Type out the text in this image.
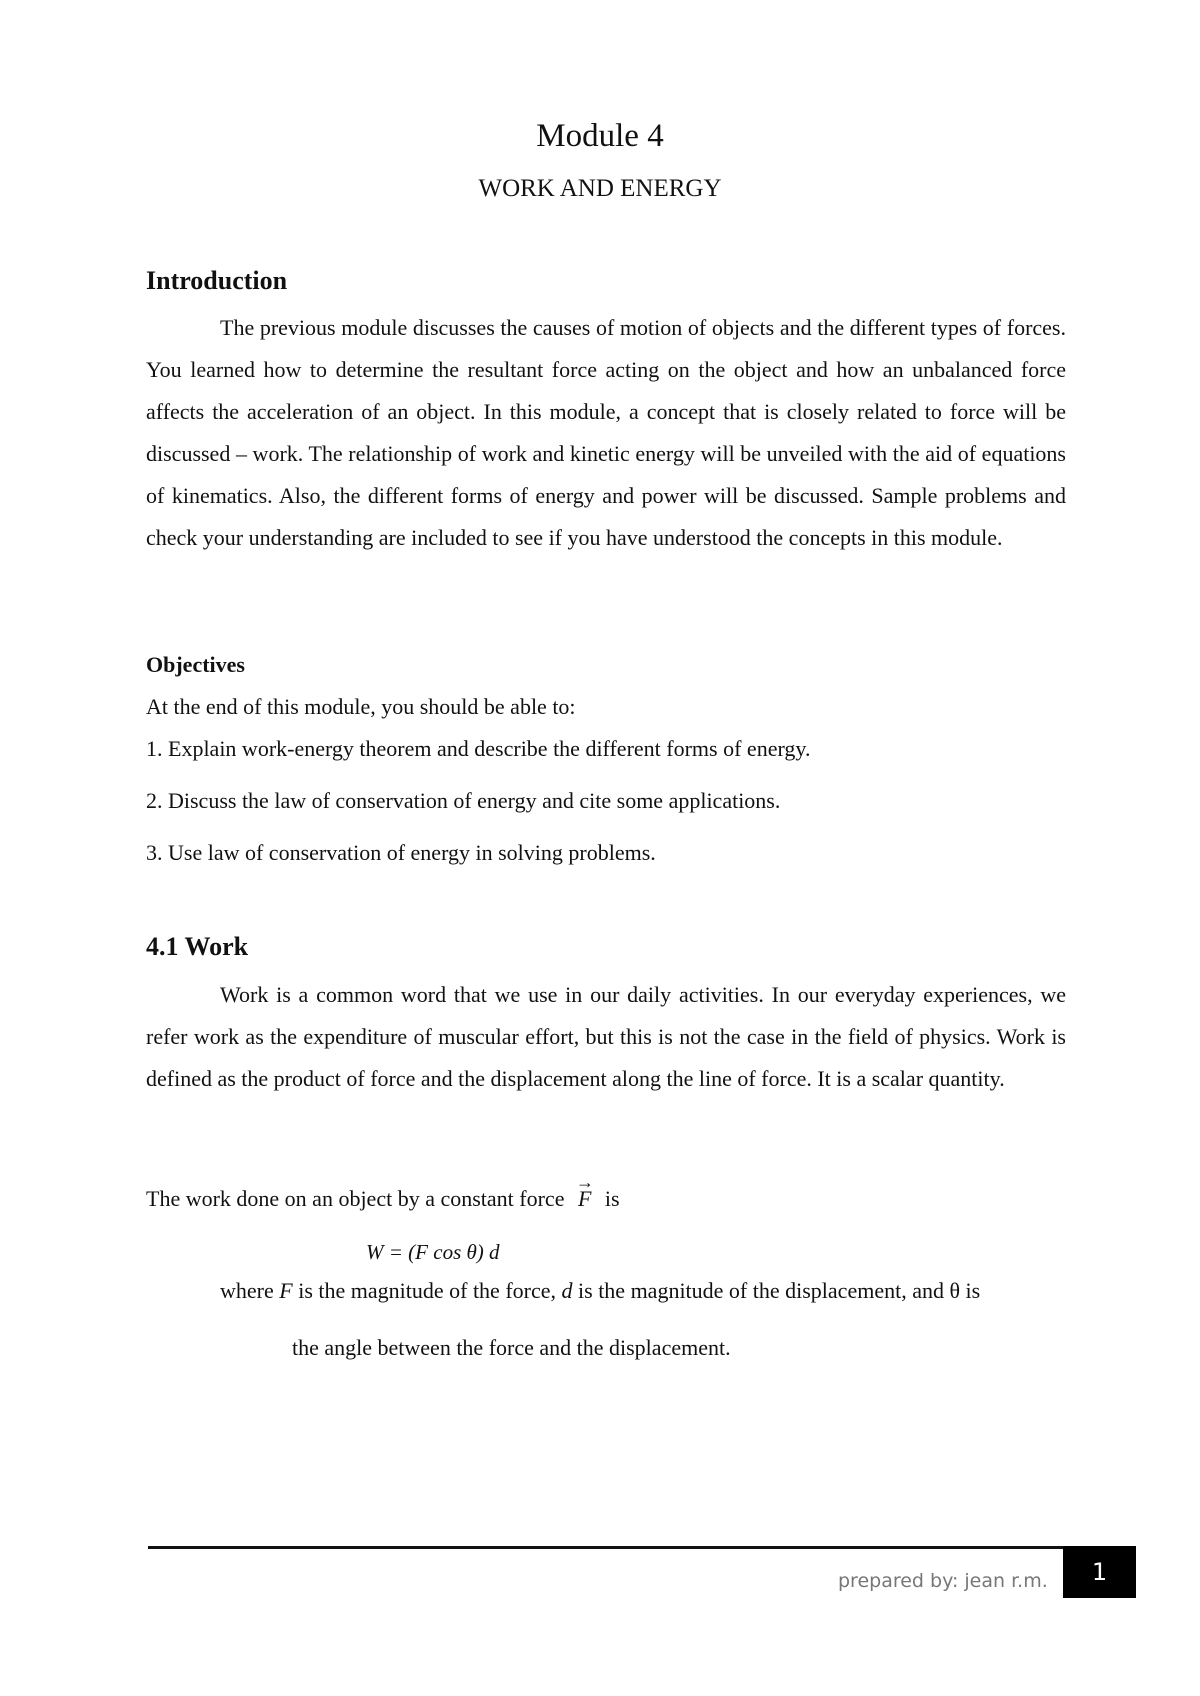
Module 4
WORK AND ENERGY
Introduction
The previous module discusses the causes of motion of objects and the different types of forces. You learned how to determine the resultant force acting on the object and how an unbalanced force affects the acceleration of an object. In this module, a concept that is closely related to force will be discussed – work. The relationship of work and kinetic energy will be unveiled with the aid of equations of kinematics. Also, the different forms of energy and power will be discussed. Sample problems and check your understanding are included to see if you have understood the concepts in this module.
Objectives
At the end of this module, you should be able to:
1. Explain work-energy theorem and describe the different forms of energy.
2. Discuss the law of conservation of energy and cite some applications.
3. Use law of conservation of energy in solving problems.
4.1 Work
Work is a common word that we use in our daily activities. In our everyday experiences, we refer work as the expenditure of muscular effort, but this is not the case in the field of physics. Work is defined as the product of force and the displacement along the line of force. It is a scalar quantity.
The work done on an object by a constant force
→
F is
W = (F cos θ) d
where F is the magnitude of the force, d is the magnitude of the displacement, and θ is
the angle between the force and the displacement.
prepared by: jean r.m. 1
